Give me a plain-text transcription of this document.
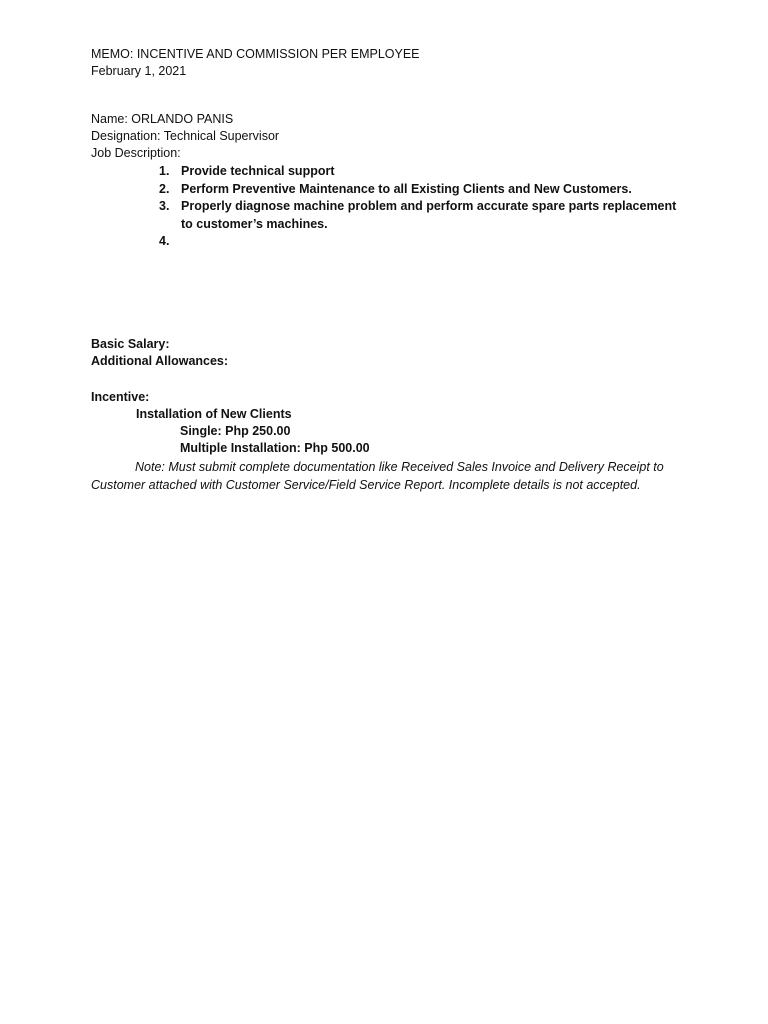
MEMO: INCENTIVE AND COMMISSION PER EMPLOYEE
February 1, 2021
Name: ORLANDO PANIS
Designation: Technical Supervisor
Job Description:
1. Provide technical support
2. Perform Preventive Maintenance to all Existing Clients and New Customers.
3. Properly diagnose machine problem and perform accurate spare parts replacement to customer’s machines.
4.
Basic Salary:
Additional Allowances:
Incentive:
Installation of New Clients
Single: Php 250.00
Multiple Installation: Php 500.00
Note: Must submit complete documentation like Received Sales Invoice and Delivery Receipt to Customer attached with Customer Service/Field Service Report. Incomplete details is not accepted.
